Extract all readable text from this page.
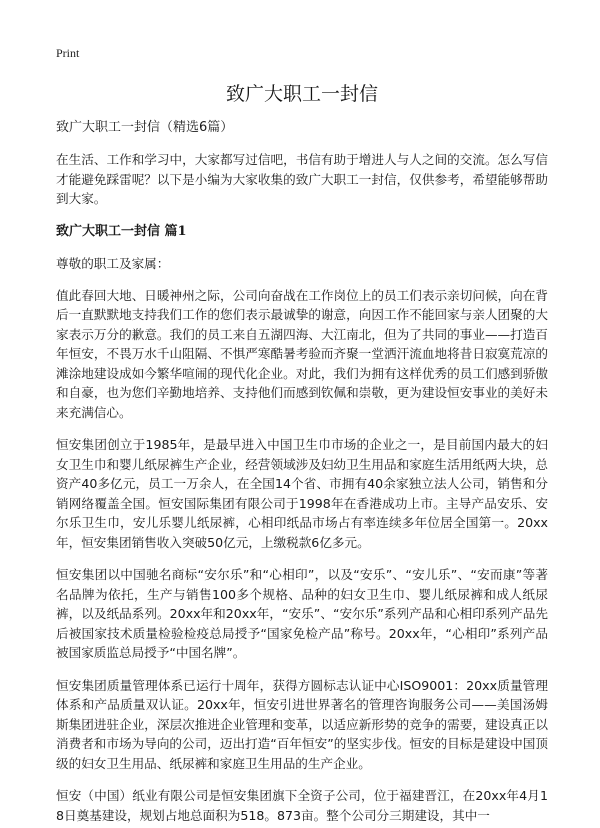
Print
致广大职工一封信

致广大职工一封信（精选6篇）

在生活、工作和学习中，大家都写过信吧，书信有助于增进人与人之间的交流。怎么写信才能避免踩雷呢？以下是小编为大家收集的致广大职工一封信，仅供参考，希望能够帮助到大家。

致广大职工一封信 篇1

尊敬的职工及家属：

值此春回大地、日暖神州之际，公司向奋战在工作岗位上的员工们表示亲切问候，向在背后一直默默地支持我们工作的您们表示最诚挚的谢意，向因工作不能回家与亲人团聚的大家表示万分的歉意。我们的员工来自五湖四海、大江南北，但为了共同的事业——打造百年恒安，不畏万水千山阻隔、不惧严寒酷暑考验而齐聚一堂洒汗流血地将昔日寂寞荒凉的滩涂地建设成如今繁华喧闹的现代化企业。对此，我们为拥有这样优秀的员工们感到骄傲和自豪，也为您们辛勤地培养、支持他们而感到钦佩和崇敬，更为建设恒安事业的美好未来充满信心。

恒安集团创立于1985年，是最早进入中国卫生巾市场的企业之一，是目前国内最大的妇女卫生巾和婴儿纸尿裤生产企业，经营领域涉及妇幼卫生用品和家庭生活用纸两大块，总资产40多亿元，员工一万余人，在全国14个省、市拥有40余家独立法人公司，销售和分销网络覆盖全国。恒安国际集团有限公司于1998年在香港成功上市。主导产品安乐、安尔乐卫生巾，安儿乐婴儿纸尿裤，心相印纸品市场占有率连续多年位居全国第一。20xx年，恒安集团销售收入突破50亿元，上缴税款6亿多元。

恒安集团以中国驰名商标“安尔乐”和“心相印”，以及“安乐”、“安儿乐”、“安而康”等著名品牌为依托，生产与销售100多个规格、品种的妇女卫生巾、婴儿纸尿裤和成人纸尿裤，以及纸品系列。20xx年和20xx年，“安乐”、“安尔乐”系列产品和心相印系列产品先后被国家技术质量检验检疫总局授予“国家免检产品”称号。20xx年，“心相印”系列产品被国家质监总局授予“中国名牌”。

恒安集团质量管理体系已运行十周年，获得方圆标志认证中心ISO9001：20xx质量管理体系和产品质量双认证。20xx年，恒安引进世界著名的管理咨询服务公司——美国汤姆斯集团进驻企业，深层次推进企业管理和变革，以适应新形势的竞争的需要，建设真正以消费者和市场为导向的公司，迈出打造“百年恒安”的坚实步伐。恒安的目标是建设中国顶级的妇女卫生用品、纸尿裤和家庭卫生用品的生产企业。

恒安（中国）纸业有限公司是恒安集团旗下全资子公司，位于福建晋江，在20xx年4月18日奠基建设，规划占地总面积为518。873亩。整个公司分三期建设，其中一
